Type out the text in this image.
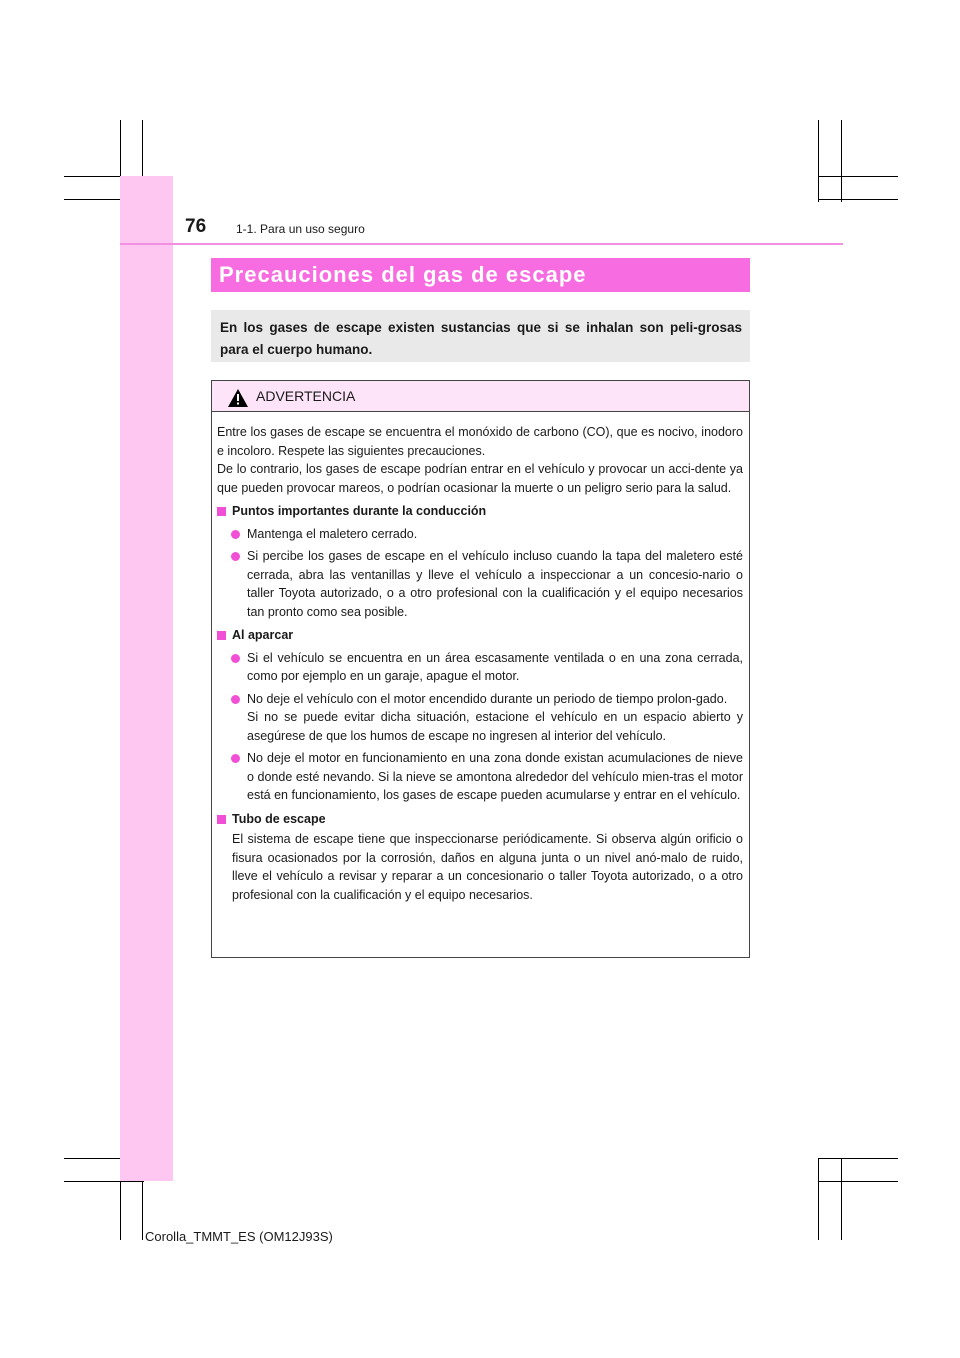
76 1-1. Para un uso seguro
Precauciones del gas de escape
En los gases de escape existen sustancias que si se inhalan son peli-grosas para el cuerpo humano.
ADVERTENCIA

Entre los gases de escape se encuentra el monóxido de carbono (CO), que es nocivo, inodoro e incoloro. Respete las siguientes precauciones.

De lo contrario, los gases de escape podrían entrar en el vehículo y provocar un acci-dente ya que pueden provocar mareos, o podrían ocasionar la muerte o un peligro serio para la salud.

Puntos importantes durante la conducción
Mantenga el maletero cerrado.
Si percibe los gases de escape en el vehículo incluso cuando la tapa del maletero esté cerrada, abra las ventanillas y lleve el vehículo a inspeccionar a un concesio-nario o taller Toyota autorizado, o a otro profesional con la cualificación y el equipo necesarios tan pronto como sea posible.
Al aparcar
Si el vehículo se encuentra en un área escasamente ventilada o en una zona cerrada, como por ejemplo en un garaje, apague el motor.
No deje el vehículo con el motor encendido durante un periodo de tiempo prolon-gado.
Si no se puede evitar dicha situación, estacione el vehículo en un espacio abierto y asegúrese de que los humos de escape no ingresen al interior del vehículo.
No deje el motor en funcionamiento en una zona donde existan acumulaciones de nieve o donde esté nevando. Si la nieve se amontona alrededor del vehículo mien-tras el motor está en funcionamiento, los gases de escape pueden acumularse y entrar en el vehículo.
Tubo de escape

El sistema de escape tiene que inspeccionarse periódicamente. Si observa algún orificio o fisura ocasionados por la corrosión, daños en alguna junta o un nivel anó-malo de ruido, lleve el vehículo a revisar y reparar a un concesionario o taller Toyota autorizado, o a otro profesional con la cualificación y el equipo necesarios.

Corolla_TMMT_ES (OM12J93S)
